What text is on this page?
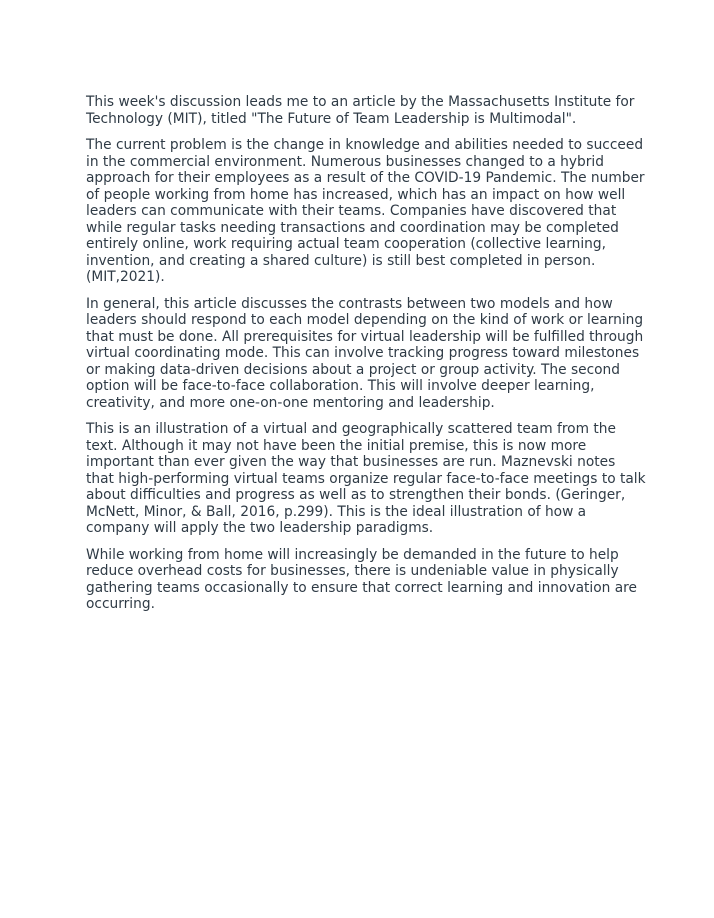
This week's discussion leads me to an article by the Massachusetts Institute for Technology (MIT), titled "The Future of Team Leadership is Multimodal".

The current problem is the change in knowledge and abilities needed to succeed in the commercial environment. Numerous businesses changed to a hybrid approach for their employees as a result of the COVID-19 Pandemic. The number of people working from home has increased, which has an impact on how well leaders can communicate with their teams. Companies have discovered that while regular tasks needing transactions and coordination may be completed entirely online, work requiring actual team cooperation (collective learning, invention, and creating a shared culture) is still best completed in person. (MIT,2021).

In general, this article discusses the contrasts between two models and how leaders should respond to each model depending on the kind of work or learning that must be done. All prerequisites for virtual leadership will be fulfilled through virtual coordinating mode. This can involve tracking progress toward milestones or making data-driven decisions about a project or group activity. The second option will be face-to-face collaboration. This will involve deeper learning, creativity, and more one-on-one mentoring and leadership.

This is an illustration of a virtual and geographically scattered team from the text. Although it may not have been the initial premise, this is now more important than ever given the way that businesses are run. Maznevski notes that high-performing virtual teams organize regular face-to-face meetings to talk about difficulties and progress as well as to strengthen their bonds. (Geringer, McNett, Minor, & Ball, 2016, p.299). This is the ideal illustration of how a company will apply the two leadership paradigms.

While working from home will increasingly be demanded in the future to help reduce overhead costs for businesses, there is undeniable value in physically gathering teams occasionally to ensure that correct learning and innovation are occurring.
